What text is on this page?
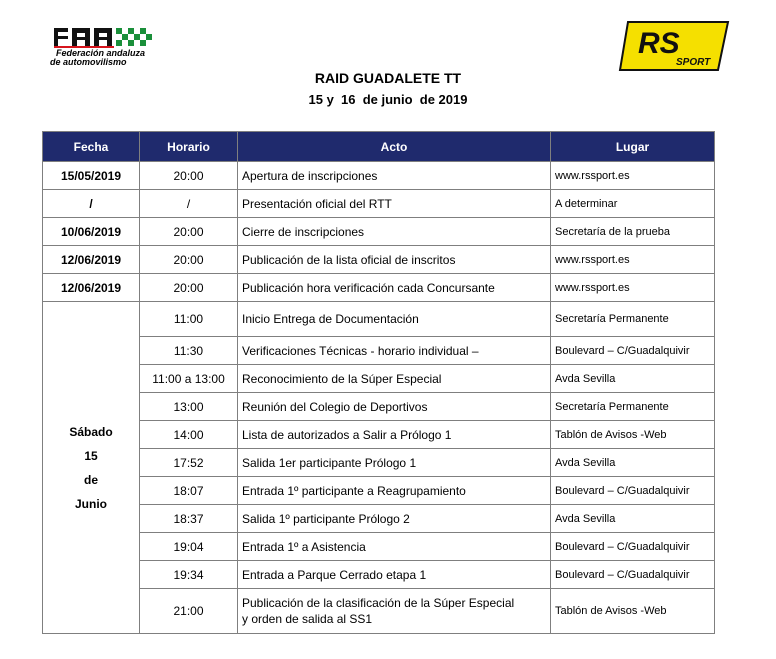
Federación andaluza
de automovilismo
RS
SPORT
RAID GUADALETE TT
15 y  16  de junio  de 2019
Fecha	Horario	Acto	Lugar
15/05/2019	20:00	Apertura de inscripciones	www.rssport.es
/	/	Presentación oficial del RTT	A determinar
10/06/2019	20:00	Cierre de inscripciones	Secretaría de la prueba
12/06/2019	20:00	Publicación de la lista oficial de inscritos	www.rssport.es
12/06/2019	20:00	Publicación hora verificación cada Concursante	www.rssport.es

Sábado
15
de
Junio	11:00	Inicio Entrega de Documentación	Secretaría Permanente
	11:30	Verificaciones Técnicas - horario individual –	Boulevard – C/Guadalquivir
	11:00 a 13:00	Reconocimiento de la Súper Especial	Avda Sevilla
	13:00	Reunión del Colegio de Deportivos	Secretaría Permanente
	14:00	Lista de autorizados a Salir a Prólogo 1	Tablón de Avisos -Web
	17:52	Salida 1er participante Prólogo 1	Avda Sevilla
	18:07	Entrada 1º participante a Reagrupamiento	Boulevard – C/Guadalquivir
	18:37	Salida 1º participante Prólogo 2	Avda Sevilla
	19:04	Entrada 1º a Asistencia	Boulevard – C/Guadalquivir
	19:34	Entrada a Parque Cerrado etapa 1	Boulevard – C/Guadalquivir
	21:00	Publicación de la clasificación de la Súper Especial
y orden de salida al SS1	Tablón de Avisos -Web
